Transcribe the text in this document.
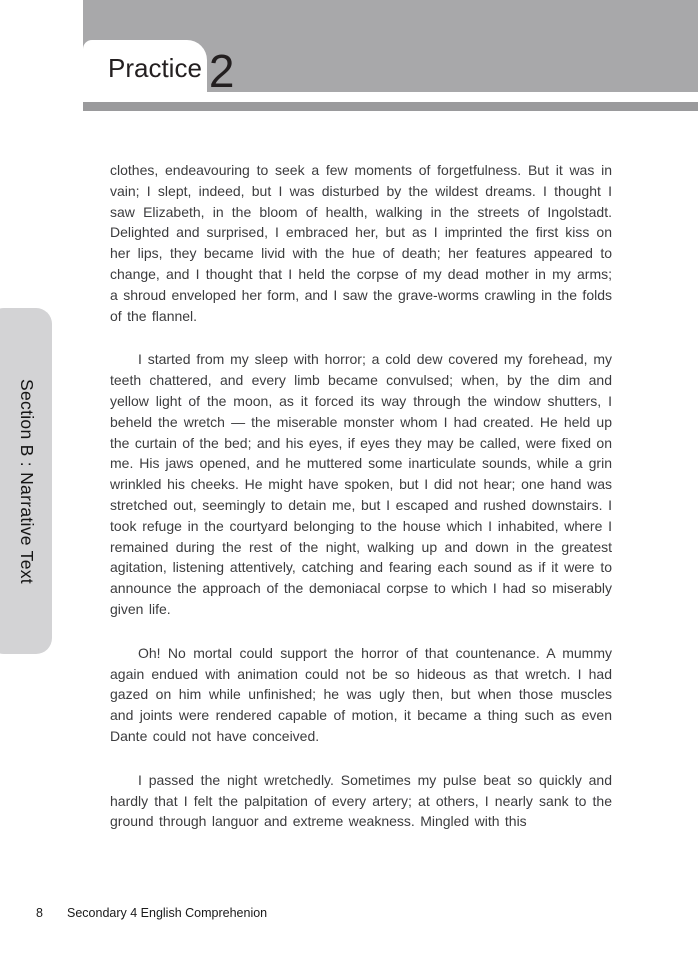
Practice 2
Section B : Narrative Text

clothes, endeavouring to seek a few moments of forgetfulness. But it was in vain; I slept, indeed, but I was disturbed by the wildest dreams. I thought I saw Elizabeth, in the bloom of health, walking in the streets of Ingolstadt. Delighted and surprised, I embraced her, but as I imprinted the first kiss on her lips, they became livid with the hue of death; her features appeared to change, and I thought that I held the corpse of my dead mother in my arms; a shroud enveloped her form, and I saw the grave-worms crawling in the folds of the flannel.

I started from my sleep with horror; a cold dew covered my forehead, my teeth chattered, and every limb became convulsed; when, by the dim and yellow light of the moon, as it forced its way through the window shutters, I beheld the wretch — the miserable monster whom I had created. He held up the curtain of the bed; and his eyes, if eyes they may be called, were fixed on me. His jaws opened, and he muttered some inarticulate sounds, while a grin wrinkled his cheeks. He might have spoken, but I did not hear; one hand was stretched out, seemingly to detain me, but I escaped and rushed downstairs. I took refuge in the courtyard belonging to the house which I inhabited, where I remained during the rest of the night, walking up and down in the greatest agitation, listening attentively, catching and fearing each sound as if it were to announce the approach of the demoniacal corpse to which I had so miserably given life.

Oh! No mortal could support the horror of that countenance. A mummy again endued with animation could not be so hideous as that wretch. I had gazed on him while unfinished; he was ugly then, but when those muscles and joints were rendered capable of motion, it became a thing such as even Dante could not have conceived.

I passed the night wretchedly. Sometimes my pulse beat so quickly and hardly that I felt the palpitation of every artery; at others, I nearly sank to the ground through languor and extreme weakness. Mingled with this

8 Secondary 4 English Comprehenion
